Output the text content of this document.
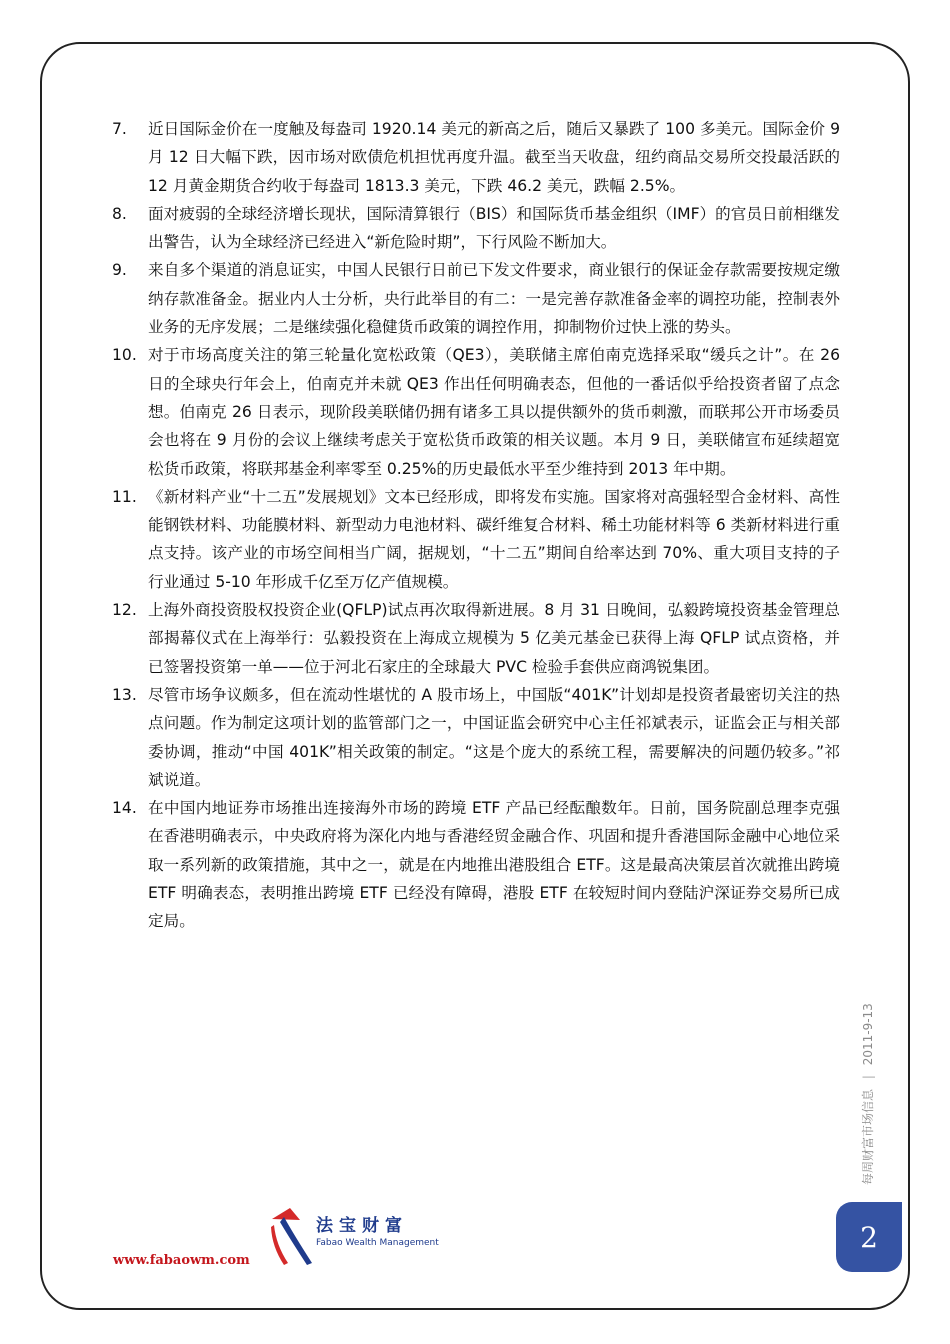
7. 近日国际金价在一度触及每盎司 1920.14 美元的新高之后，随后又暴跌了 100 多美元。国际金价 9 月 12 日大幅下跌，因市场对欧债危机担忧再度升温。截至当天收盘，纽约商品交易所交投最活跃的 12 月黄金期货合约收于每盎司 1813.3 美元，下跌 46.2 美元，跌幅 2.5%。
8. 面对疲弱的全球经济增长现状，国际清算银行（BIS）和国际货币基金组织（IMF）的官员日前相继发出警告，认为全球经济已经进入“新危险时期”，下行风险不断加大。
9. 来自多个渠道的消息证实，中国人民银行日前已下发文件要求，商业银行的保证金存款需要按规定缴纳存款准备金。据业内人士分析，央行此举目的有二：一是完善存款准备金率的调控功能，控制表外业务的无序发展；二是继续强化稳健货币政策的调控作用，抑制物价过快上涨的势头。
10. 对于市场高度关注的第三轮量化宽松政策（QE3），美联储主席伯南克选择采取“缓兵之计”。在 26 日的全球央行年会上，伯南克并未就 QE3 作出任何明确表态，但他的一番话似乎给投资者留了点念想。伯南克 26 日表示，现阶段美联储仍拥有诸多工具以提供额外的货币刺激，而联邦公开市场委员会也将在 9 月份的会议上继续考虑关于宽松货币政策的相关议题。本月 9 日，美联储宣布延续超宽松货币政策，将联邦基金利率零至 0.25%的历史最低水平至少维持到 2013 年中期。
11. 《新材料产业“十二五”发展规划》文本已经形成，即将发布实施。国家将对高强轻型合金材料、高性能钢铁材料、功能膜材料、新型动力电池材料、碳纤维复合材料、稀土功能材料等 6 类新材料进行重点支持。该产业的市场空间相当广阔，据规划，“十二五”期间自给率达到 70%、重大项目支持的子行业通过 5-10 年形成千亿至万亿产值规模。
12. 上海外商投资股权投资企业(QFLP)试点再次取得新进展。8 月 31 日晚间，弘毅跨境投资基金管理总部揭幕仪式在上海举行：弘毅投资在上海成立规模为 5 亿美元基金已获得上海 QFLP 试点资格，并已签署投资第一单——位于河北石家庄的全球最大 PVC 检验手套供应商鸿锐集团。
13. 尽管市场争议颇多，但在流动性堪忧的 A 股市场上，中国版“401K”计划却是投资者最密切关注的热点问题。作为制定这项计划的监管部门之一，中国证监会研究中心主任祁斌表示，证监会正与相关部委协调，推动“中国 401K”相关政策的制定。“这是个庞大的系统工程，需要解决的问题仍较多。”祁斌说道。
14. 在中国内地证券市场推出连接海外市场的跨境 ETF 产品已经酝酿数年。日前，国务院副总理李克强在香港明确表示，中央政府将为深化内地与香港经贸金融合作、巩固和提升香港国际金融中心地位采取一系列新的政策措施，其中之一，就是在内地推出港股组合 ETF。这是最高决策层首次就推出跨境 ETF 明确表态，表明推出跨境 ETF 已经没有障碍，港股 ETF 在较短时间内登陆沪深证券交易所已成定局。
每周财富市场信息 | 2011-9-13
2
www.fabaowm.com
法宝财富
Fabao Wealth Management
